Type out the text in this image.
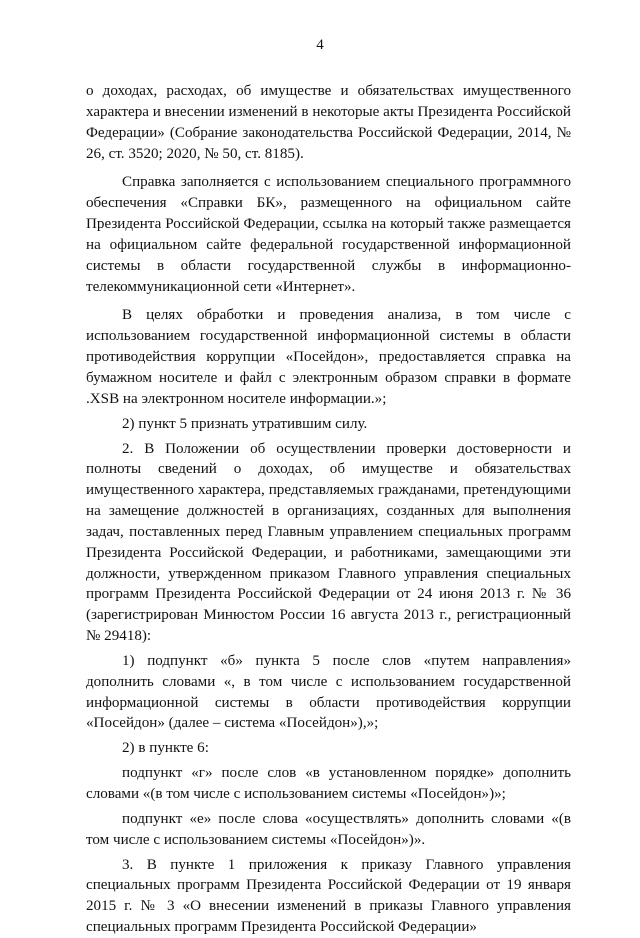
4

о доходах, расходах, об имуществе и обязательствах имущественного характера и внесении изменений в некоторые акты Президента Российской Федерации» (Собрание законодательства Российской Федерации, 2014, № 26, ст. 3520; 2020, № 50, ст. 8185).

Справка заполняется с использованием специального программного обеспечения «Справки БК», размещенного на официальном сайте Президента Российской Федерации, ссылка на который также размещается на официальном сайте федеральной государственной информационной системы в области государственной службы в информационно-телекоммуникационной сети «Интернет».

В целях обработки и проведения анализа, в том числе с использованием государственной информационной системы в области противодействия коррупции «Посейдон», предоставляется справка на бумажном носителе и файл с электронным образом справки в формате .XSB на электронном носителе информации.»;

2) пункт 5 признать утратившим силу.

2. В Положении об осуществлении проверки достоверности и полноты сведений о доходах, об имуществе и обязательствах имущественного характера, представляемых гражданами, претендующими на замещение должностей в организациях, созданных для выполнения задач, поставленных перед Главным управлением специальных программ Президента Российской Федерации, и работниками, замещающими эти должности, утвержденном приказом Главного управления специальных программ Президента Российской Федерации от 24 июня 2013 г. № 36 (зарегистрирован Минюстом России 16 августа 2013 г., регистрационный № 29418):

1) подпункт «б» пункта 5 после слов «путем направления» дополнить словами «, в том числе с использованием государственной информационной системы в области противодействия коррупции «Посейдон» (далее – система «Посейдон»),»;

2) в пункте 6:

подпункт «г» после слов «в установленном порядке» дополнить словами «(в том числе с использованием системы «Посейдон»)»;

подпункт «е» после слова «осуществлять» дополнить словами «(в том числе с использованием системы «Посейдон»)».

3. В пункте 1 приложения к приказу Главного управления специальных программ Президента Российской Федерации от 19 января 2015 г. № 3 «О внесении изменений в приказы Главного управления специальных программ Президента Российской Федерации»
